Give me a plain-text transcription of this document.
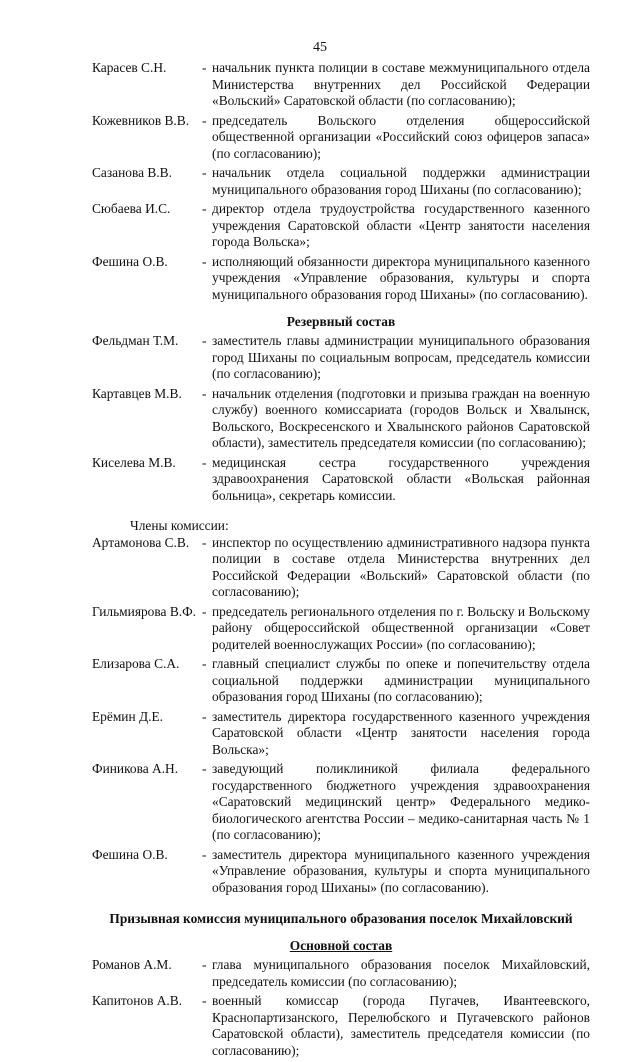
45
Карасев С.Н.	- начальник пункта полиции в составе межмуниципального отдела Министерства внутренних дел Российской Федерации «Вольский» Саратовской области (по согласованию);
Кожевников В.В. - председатель Вольского отделения общероссийской общественной организации «Российский союз офицеров запаса» (по согласованию);
Сазанова В.В.	- начальник отдела социальной поддержки администрации муниципального образования город Шиханы (по согласованию);
Сюбаева И.С.	- директор отдела трудоустройства государственного казенного учреждения Саратовской области «Центр занятости населения города Вольска»;
Фешина О.В.	- исполняющий обязанности директора муниципального казенного учреждения «Управление образования, культуры и спорта муниципального образования город Шиханы» (по согласованию).
Резервный состав
Фельдман Т.М.	- заместитель главы администрации муниципального образования город Шиханы по социальным вопросам, председатель комиссии (по согласованию);
Картавцев М.В.	- начальник отделения (подготовки и призыва граждан на военную службу) военного комиссариата (городов Вольск и Хвалынск, Вольского, Воскресенского и Хвалынского районов Саратовской области), заместитель председателя комиссии (по согласованию);
Киселева М.В.	- медицинская сестра государственного учреждения здравоохранения Саратовской области «Вольская районная больница», секретарь комиссии.
Члены комиссии:
Артамонова С.В. - инспектор по осуществлению административного надзора пункта полиции в составе отдела Министерства внутренних дел Российской Федерации «Вольский» Саратовской области (по согласованию);
Гильмиярова В.Ф. - председатель регионального отделения по г. Вольску и Вольскому району общероссийской общественной организации «Совет родителей военнослужащих России» (по согласованию);
Елизарова С.А.	- главный специалист службы по опеке и попечительству отдела социальной поддержки администрации муниципального образования город Шиханы (по согласованию);
Ерёмин Д.Е.	- заместитель директора государственного казенного учреждения Саратовской области «Центр занятости населения города Вольска»;
Финикова А.Н.	- заведующий поликлиникой филиала федерального государственного бюджетного учреждения здравоохранения «Саратовский медицинский центр» Федерального медико-биологического агентства России – медико-санитарная часть № 1 (по согласованию);
Фешина О.В.	- заместитель директора муниципального казенного учреждения «Управление образования, культуры и спорта муниципального образования город Шиханы» (по согласованию).
Призывная комиссия муниципального образования поселок Михайловский
Основной состав
Романов А.М.	- глава муниципального образования поселок Михайловский, председатель комиссии (по согласованию);
Капитонов А.В.	- военный комиссар (города Пугачев, Ивантеевского, Краснопартизанского, Перелюбского и Пугачевского районов Саратовской области), заместитель председателя комиссии (по согласованию);
